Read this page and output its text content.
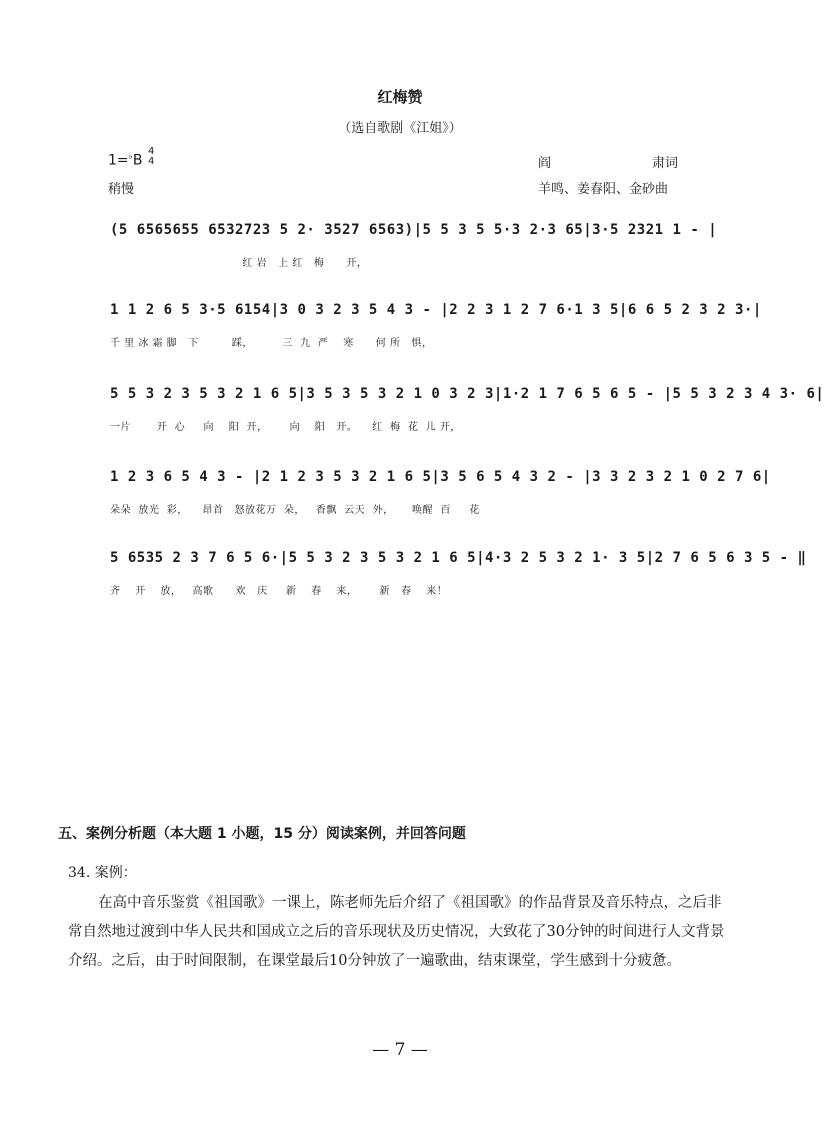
红梅赞
（选自歌剧《江姐》）
1=♭B
4
4
稍慢
肃词
阎
羊鸣、姜春阳、金砂曲
(5 6565655 6532723 5 2· 3527 6563)|5 5 3 5 5·3 2·3 65|3·5 2321 1 - |
红 岩   上 红   梅      开，
1 1 2 6 5 3·5 6154|3 0 3 2 3 5 4 3 - |2 2 3 1 2 7 6·1 3 5|6 6 5 2 3 2 3·|
千 里 冰 霜 脚   下         踩，        三  九  严    寒      何 所   惧，
5 5 3 2 3 5 3 2 1 6 5|3 5 3 5 3 2 1 0 3 2 3|1·2 1 7 6 5 6 5 - |5 5 3 2 3 4 3· 6|
一片       开  心     向    阳  开，      向    阳   开。    红  梅  花  儿 开，
1 2 3 6 5 4 3 - |2 1 2 3 5 3 2 1 6 5|3 5 6 5 4 3 2 - |3 3 2 3 2 1 0 2 7 6|
朵朵  放光  彩，    昂首   怒放花万  朵，   香飘  云天  外，     唤醒  百     花
5 6535 2 3 7 6 5 6·|5 5 3 2 3 5 3 2 1 6 5|4·3 2 5 3 2 1· 3 5|2 7 6 5 6 3 5 - ‖
齐    开    放，   高歌      欢   庆     新    春    来，      新   春    来！
五、案例分析题（本大题 1 小题，15 分）阅读案例，并回答问题
34. 案例：
在高中音乐鉴赏《祖国歌》一课上，陈老师先后介绍了《祖国歌》的作品背景及音乐特点，之后非常自然地过渡到中华人民共和国成立之后的音乐现状及历史情况，大致花了30分钟的时间进行人文背景介绍。之后，由于时间限制，在课堂最后10分钟放了一遍歌曲，结束课堂，学生感到十分疲惫。
— 7 —
